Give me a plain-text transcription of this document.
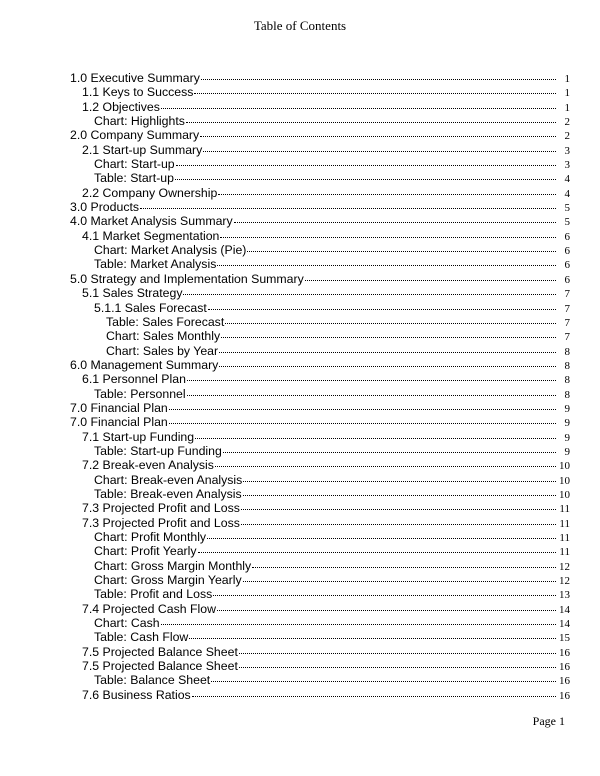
Table of Contents
1.0 Executive Summary	1
1.1 Keys to Success	1
1.2 Objectives	1
Chart: Highlights	2
2.0 Company Summary	2
2.1 Start-up Summary	3
Chart: Start-up	3
Table: Start-up	4
2.2 Company Ownership	4
3.0 Products	5
4.0 Market Analysis Summary	5
4.1 Market Segmentation	6
Chart: Market Analysis (Pie)	6
Table: Market Analysis	6
5.0 Strategy and Implementation Summary	6
5.1 Sales Strategy	7
5.1.1 Sales Forecast	7
Table: Sales Forecast	7
Chart: Sales Monthly	7
Chart: Sales by Year	8
6.0 Management Summary	8
6.1 Personnel Plan	8
Table: Personnel	8
7.0 Financial Plan	9
7.0 Financial Plan	9
7.1 Start-up Funding	9
Table: Start-up Funding	9
7.2 Break-even Analysis	10
Chart: Break-even Analysis	10
Table: Break-even Analysis	10
7.3 Projected Profit and Loss	11
7.3 Projected Profit and Loss	11
Chart: Profit Monthly	11
Chart: Profit Yearly	11
Chart: Gross Margin Monthly	12
Chart: Gross Margin Yearly	12
Table: Profit and Loss	13
7.4 Projected Cash Flow	14
Chart: Cash	14
Table: Cash Flow	15
7.5 Projected Balance Sheet	16
7.5 Projected Balance Sheet	16
Table: Balance Sheet	16
7.6 Business Ratios	16
Page 1
